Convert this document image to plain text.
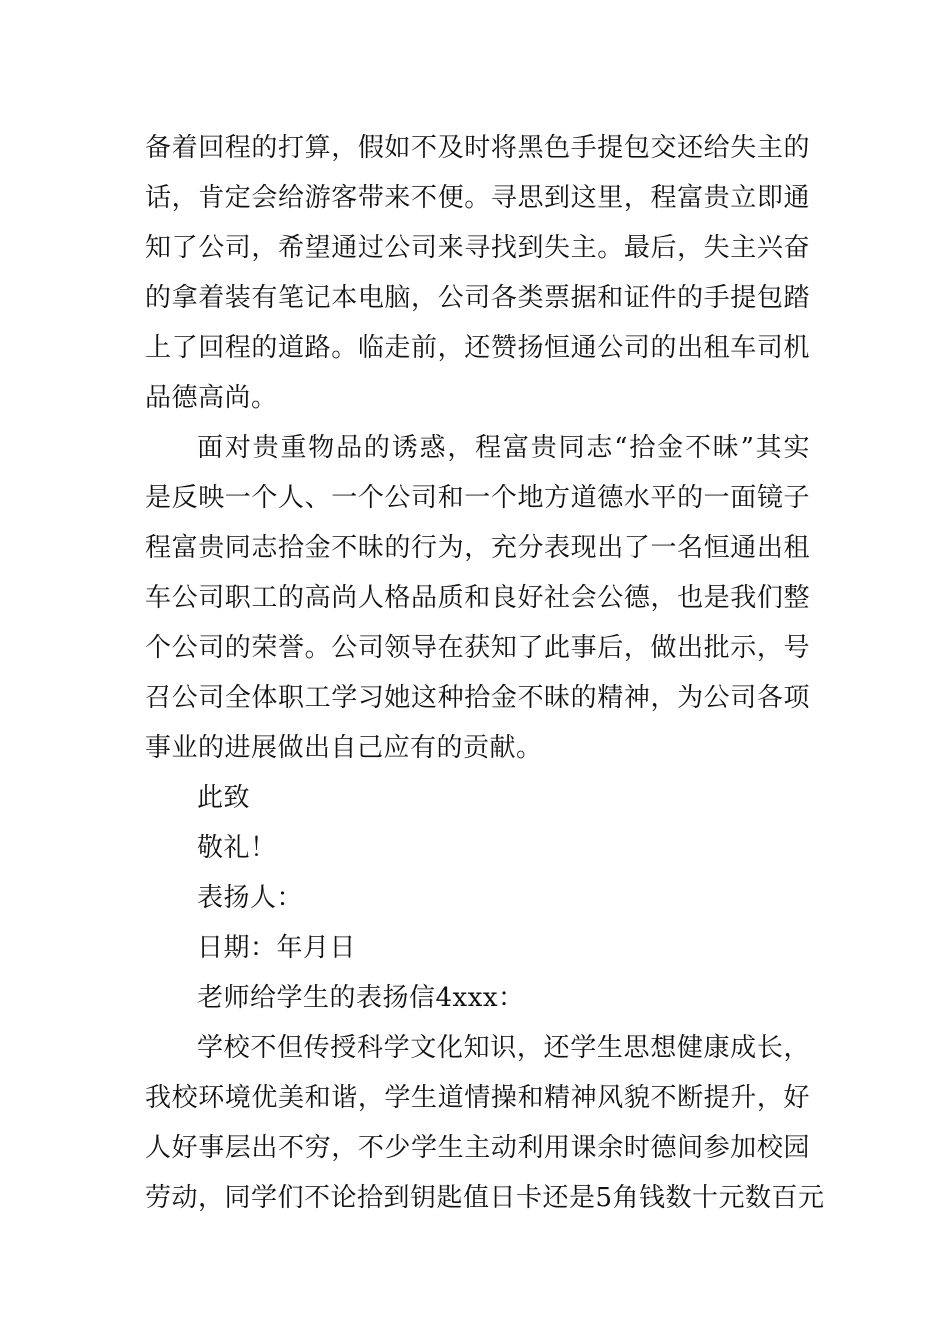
备着回程的打算，假如不及时将黑色手提包交还给失主的
话，肯定会给游客带来不便。寻思到这里，程富贵立即通
知了公司，希望通过公司来寻找到失主。最后，失主兴奋
的拿着装有笔记本电脑，公司各类票据和证件的手提包踏
上了回程的道路。临走前，还赞扬恒通公司的出租车司机
品德高尚。
面对贵重物品的诱惑，程富贵同志“拾金不昧”其实
是反映一个人、一个公司和一个地方道德水平的一面镜子
程富贵同志拾金不昧的行为，充分表现出了一名恒通出租
车公司职工的高尚人格品质和良好社会公德，也是我们整
个公司的荣誉。公司领导在获知了此事后，做出批示，号
召公司全体职工学习她这种拾金不昧的精神，为公司各项
事业的进展做出自己应有的贡献。
此致
敬礼！
表扬人：
日期：年月日
老师给学生的表扬信4xxx：
学校不但传授科学文化知识，还学生思想健康成长，
我校环境优美和谐，学生道情操和精神风貌不断提升，好
人好事层出不穷，不少学生主动利用课余时德间参加校园
劳动，同学们不论拾到钥匙值日卡还是5角钱数十元数百元
